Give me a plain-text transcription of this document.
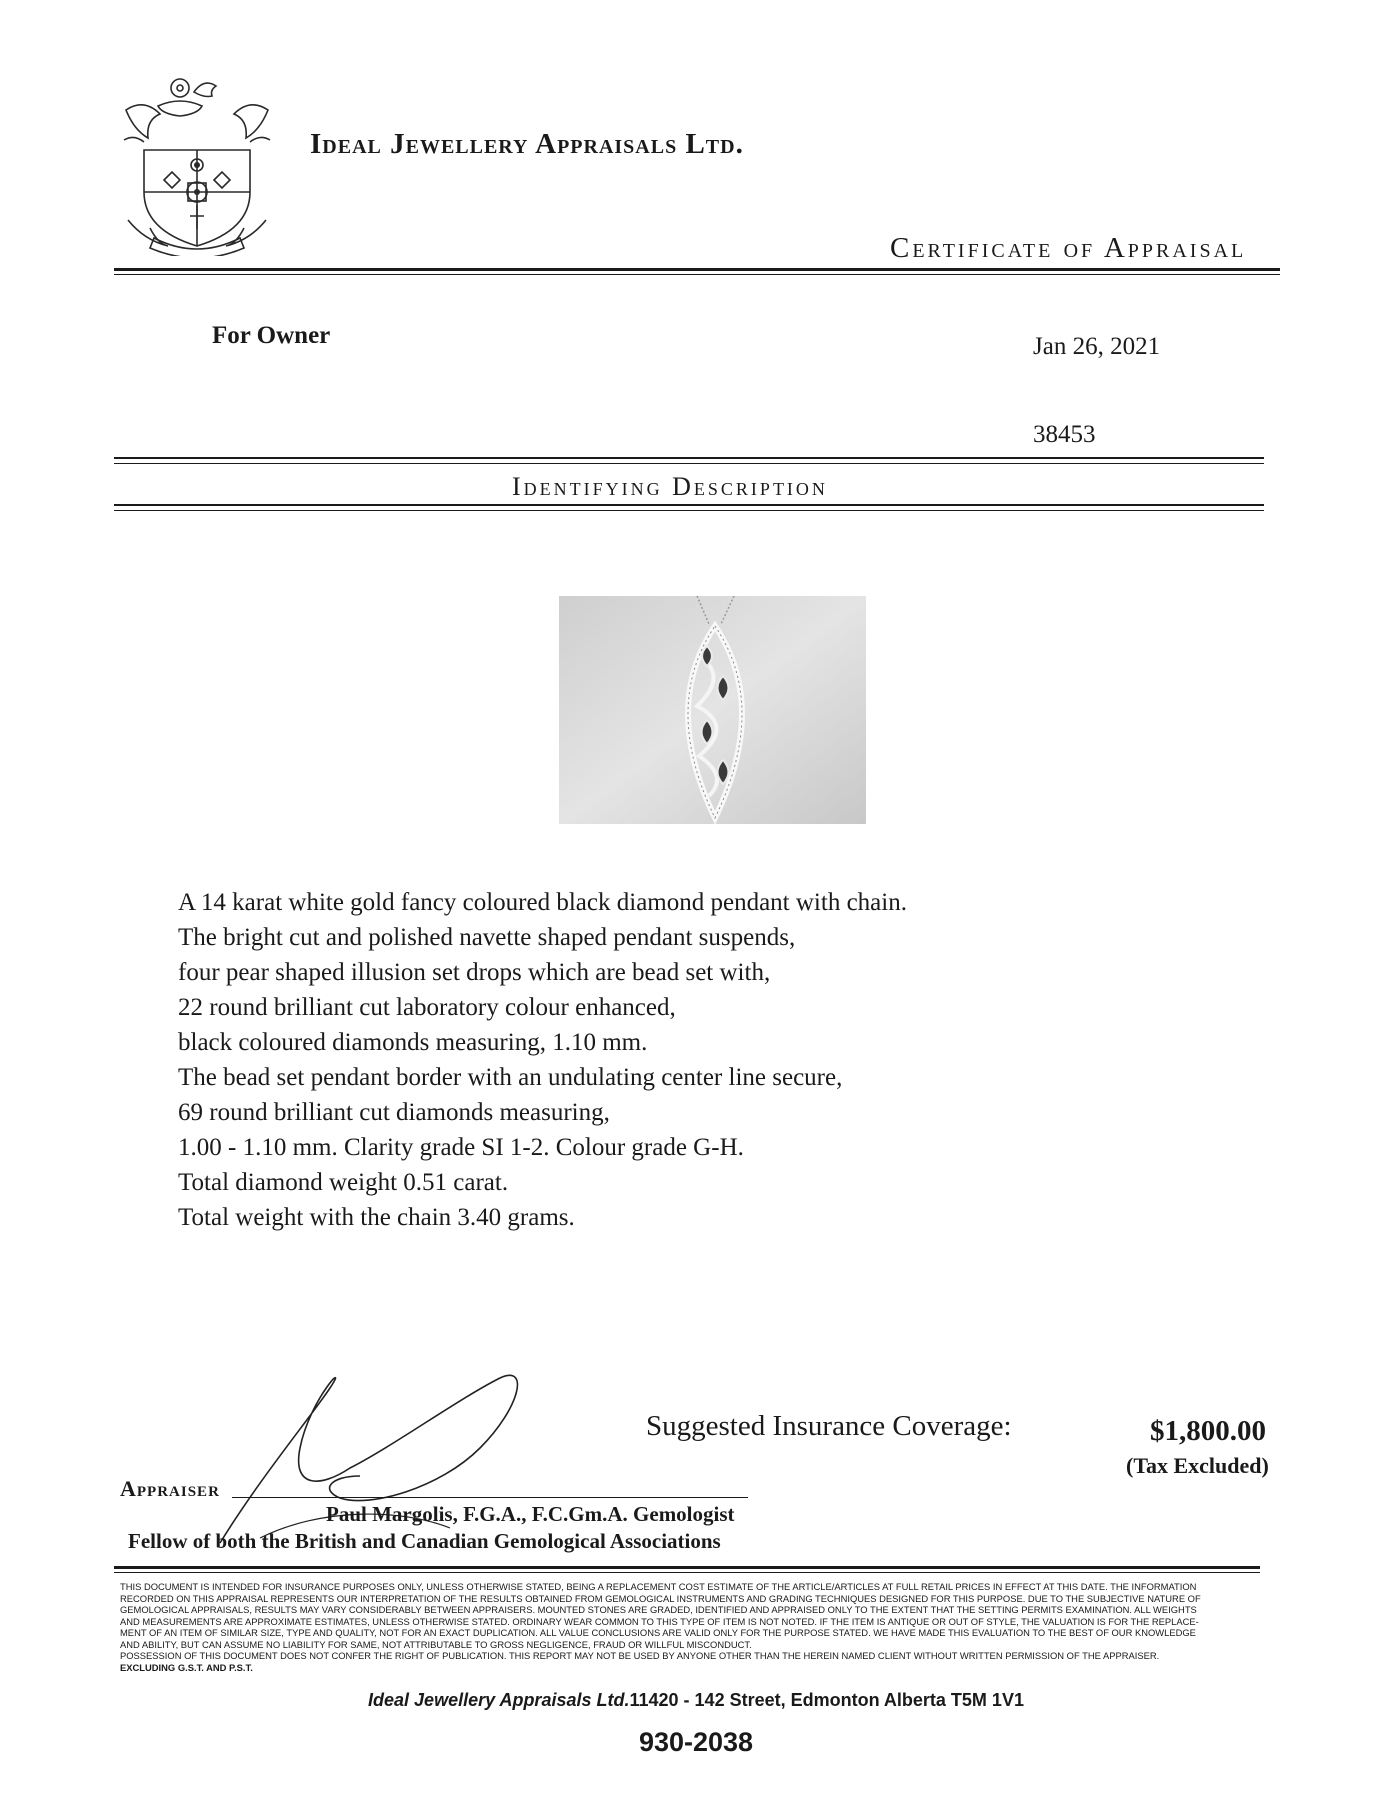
Ideal Jewellery Appraisals Ltd.
Certificate of Appraisal
For Owner	Jan 26, 2021
38453
Identifying Description
A 14 karat white gold fancy coloured black diamond pendant with chain.
The bright cut and polished navette shaped pendant suspends,
four pear shaped illusion set drops which are bead set with,
22 round brilliant cut laboratory colour enhanced,
black coloured diamonds measuring, 1.10 mm.
The bead set pendant border with an undulating center line secure,
69 round brilliant cut diamonds measuring,
1.00 - 1.10 mm. Clarity grade SI 1-2. Colour grade G-H.
Total diamond weight 0.51 carat.
Total weight with the chain 3.40 grams.
Suggested Insurance Coverage:	$1,800.00
(Tax Excluded)
Appraiser
Paul Margolis, F.G.A., F.C.Gm.A. Gemologist
Fellow of both the British and Canadian Gemological Associations
THIS DOCUMENT IS INTENDED FOR INSURANCE PURPOSES ONLY, UNLESS OTHERWISE STATED, BEING A REPLACEMENT COST ESTIMATE OF THE ARTICLE/ARTICLES AT FULL RETAIL PRICES IN EFFECT AT THIS DATE. THE INFORMATION
RECORDED ON THIS APPRAISAL REPRESENTS OUR INTERPRETATION OF THE RESULTS OBTAINED FROM GEMOLOGICAL INSTRUMENTS AND GRADING TECHNIQUES DESIGNED FOR THIS PURPOSE. DUE TO THE SUBJECTIVE NATURE OF
GEMOLOGICAL APPRAISALS, RESULTS MAY VARY CONSIDERABLY BETWEEN APPRAISERS. MOUNTED STONES ARE GRADED, IDENTIFIED AND APPRAISED ONLY TO THE EXTENT THAT THE SETTING PERMITS EXAMINATION. ALL WEIGHTS
AND MEASUREMENTS ARE APPROXIMATE ESTIMATES, UNLESS OTHERWISE STATED. ORDINARY WEAR COMMON TO THIS TYPE OF ITEM IS NOT NOTED. IF THE ITEM IS ANTIQUE OR OUT OF STYLE, THE VALUATION IS FOR THE REPLACE-
MENT OF AN ITEM OF SIMILAR SIZE, TYPE AND QUALITY, NOT FOR AN EXACT DUPLICATION. ALL VALUE CONCLUSIONS ARE VALID ONLY FOR THE PURPOSE STATED. WE HAVE MADE THIS EVALUATION TO THE BEST OF OUR KNOWLEDGE
AND ABILITY, BUT CAN ASSUME NO LIABILITY FOR SAME, NOT ATTRIBUTABLE TO GROSS NEGLIGENCE, FRAUD OR WILLFUL MISCONDUCT.
POSSESSION OF THIS DOCUMENT DOES NOT CONFER THE RIGHT OF PUBLICATION. THIS REPORT MAY NOT BE USED BY ANYONE OTHER THAN THE HEREIN NAMED CLIENT WITHOUT WRITTEN PERMISSION OF THE APPRAISER.
EXCLUDING G.S.T. AND P.S.T.
Ideal Jewellery Appraisals Ltd.11420 - 142 Street, Edmonton Alberta T5M 1V1
930-2038
